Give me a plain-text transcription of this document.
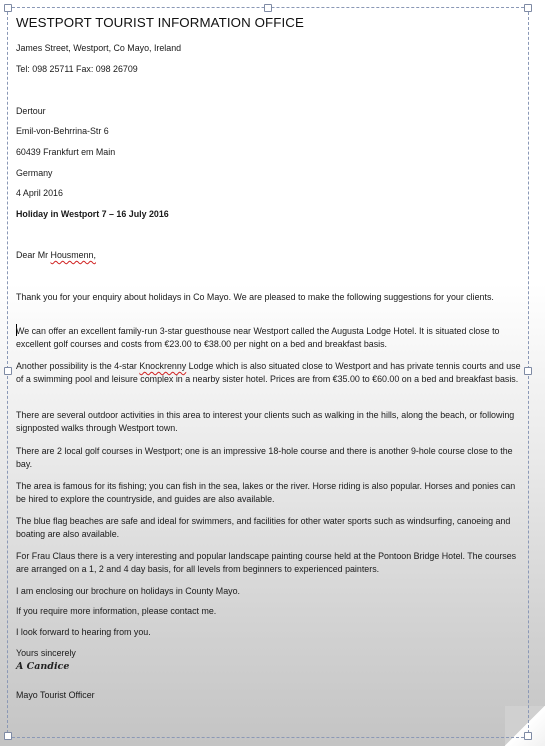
WESTPORT TOURIST INFORMATION OFFICE
James Street, Westport, Co Mayo, Ireland
Tel: 098 25711 Fax: 098 26709
Dertour
Emil-von-Behrrina-Str 6
60439 Frankfurt em Main
Germany
4 April 2016
Holiday in Westport 7 – 16 July 2016
Dear Mr Housmenn,
Thank you for your enquiry about holidays in Co Mayo. We are pleased to make the following suggestions for your clients.
We can offer an excellent family-run 3-star guesthouse near Westport called the Augusta Lodge Hotel. It is situated close to excellent golf courses and costs from €23.00 to €38.00 per night on a bed and breakfast basis.
Another possibility is the 4-star Knockrenny Lodge which is also situated close to Westport and has private tennis courts and use of a swimming pool and leisure complex in a nearby sister hotel. Prices are from €35.00 to €60.00 on a bed and breakfast basis.
There are several outdoor activities in this area to interest your clients such as walking in the hills, along the beach, or following signposted walks through Westport town.
There are 2 local golf courses in Westport; one is an impressive 18-hole course and there is another 9-hole course close to the bay.
The area is famous for its fishing; you can fish in the sea, lakes or the river. Horse riding is also popular. Horses and ponies can be hired to explore the countryside, and guides are also available.
The blue flag beaches are safe and ideal for swimmers, and facilities for other water sports such as windsurfing, canoeing and boating are also available.
For Frau Claus there is a very interesting and popular landscape painting course held at the Pontoon Bridge Hotel. The courses are arranged on a 1, 2 and 4 day basis, for all levels from beginners to experienced painters.
I am enclosing our brochure on holidays in County Mayo.
If you require more information, please contact me.
I look forward to hearing from you.
Yours sincerely
A Candice
Mayo Tourist Officer
